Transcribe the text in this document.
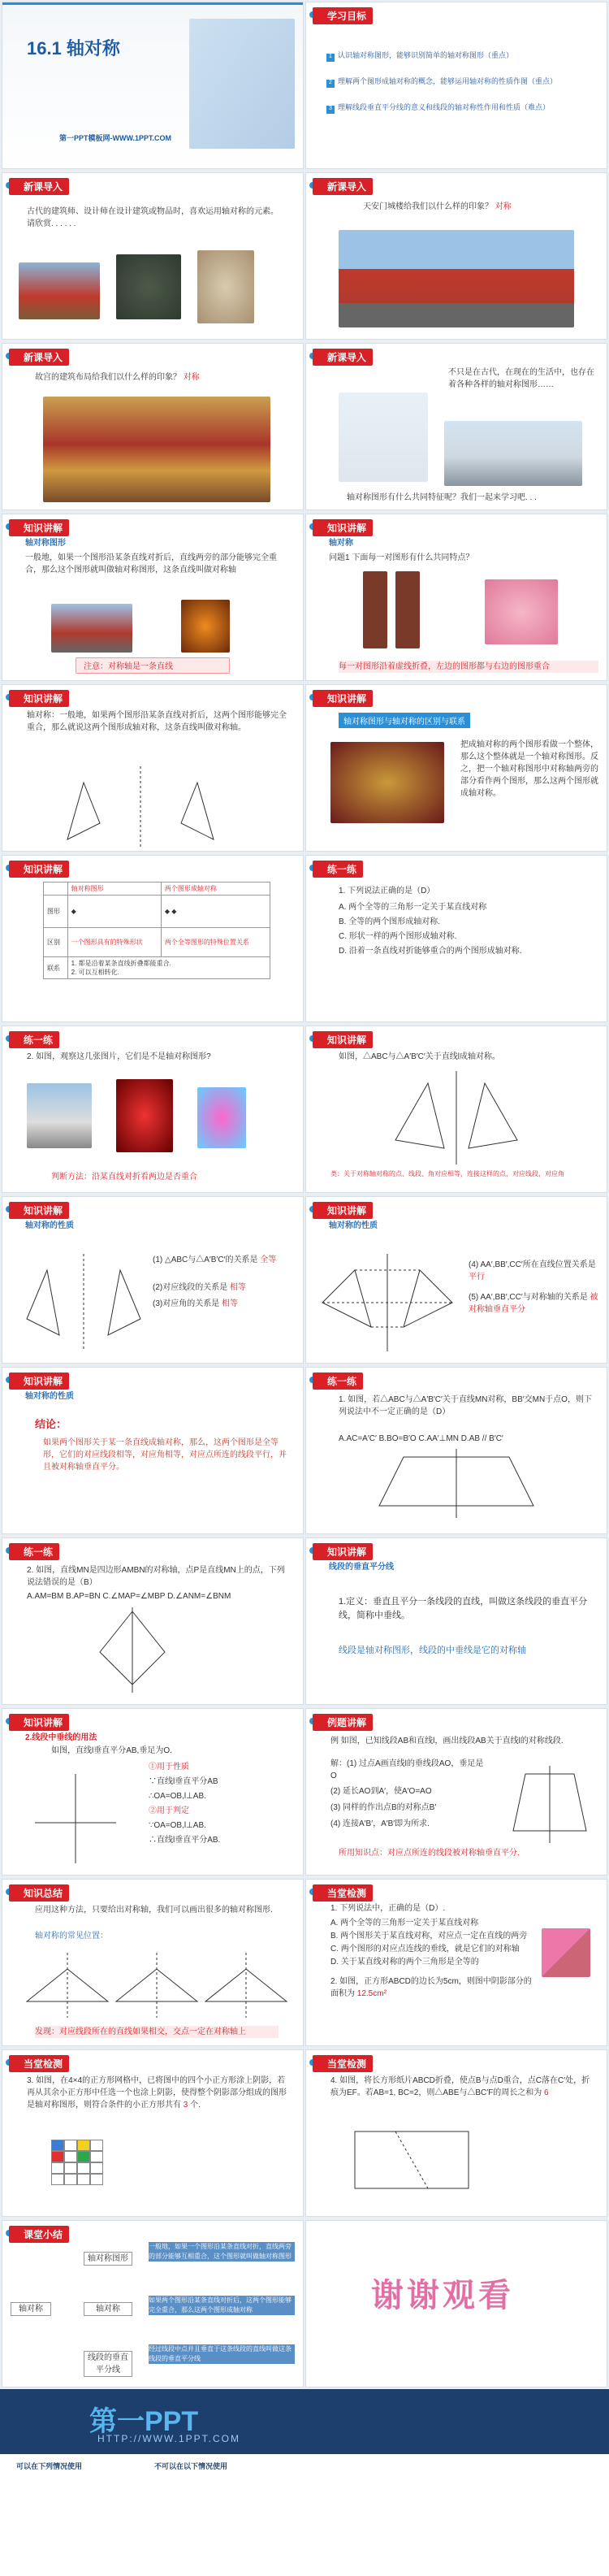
16.1 轴对称
第一PPT模板网-WWW.1PPT.COM
学习目标
1 认识轴对称图形，能够识别简单的轴对称图形（重点）
2 理解两个图形成轴对称的概念，能够运用轴对称的性质作图（重点）
3 理解线段垂直平分线的意义和线段的轴对称性作用和性质（难点）
新课导入
古代的建筑师、设计师在设计建筑或物品时，喜欢运用轴对称的元素。请欣赏. . . . . .
新课导入
天安门城楼给我们以什么样的印象？ 对称
新课导入
故宫的建筑布局给我们以什么样的印象？ 对称
新课导入
不只是在古代，在现在的生活中，也存在着各种各样的轴对称图形……
轴对称图形有什么共同特征呢？我们一起来学习吧. . .
知识讲解
轴对称图形
一般地，如果一个图形沿某条直线对折后，直线两旁的部分能够完全重合，那么这个图形就叫做轴对称图形，这条直线叫做对称轴
注意：对称轴是一条直线
知识讲解
轴对称
问题1 下面每一对图形有什么共同特点？
每一对图形沿着虚线折叠，左边的图形都与右边的图形重合
知识讲解
轴对称：一般地，如果两个图形沿某条直线对折后，这两个图形能够完全重合，那么就说这两个图形成轴对称，这条直线叫做对称轴。
知识讲解
轴对称图形与轴对称的区别与联系
把成轴对称的两个图形看做一个整体，那么这个整体就是一个轴对称图形。反之，把一个轴对称图形中对称轴两旁的部分看作两个图形，那么这两个图形就成轴对称。
知识讲解
	轴对称图形	两个图形成轴对称
图形	◆	◆ ◆
区别	一个图形具有的特殊形状	两个全等图形的特殊位置关系
联系	1. 都是沿着某条直线折叠都能重合.
2. 可以互相转化.	
练一练
1. 下列说法正确的是（D）
A. 两个全等的三角形一定关于某直线对称
B. 全等的两个图形成轴对称.
C. 形状一样的两个图形成轴对称.
D. 沿着一条直线对折能够重合的两个图形成轴对称.
练一练
2. 如图，观察这几张图片，它们是不是轴对称图形?
判断方法：沿某直线对折看两边是否重合
知识讲解
如图，△ABC与△A′B′C′关于直线l成轴对称。
类：关于对称轴对称的点、线段、角对应相等，连接这样的点，对应线段，对应角
知识讲解
轴对称的性质
(1) △ABC与△A′B′C′的关系是 全等
(2)对应线段的关系是 相等
(3)对应角的关系是 相等
知识讲解
轴对称的性质
(4) AA′,BB′,CC′所在直线位置关系是 平行
(5) AA′,BB′,CC′与对称轴的关系是 被对称轴垂直平分
知识讲解
轴对称的性质
结论：
如果两个图形关于某一条直线成轴对称，那么，这两个图形是全等形，它们的对应线段相等，对应角相等，对应点所连的线段平行，并且被对称轴垂直平分。
练一练
1. 如图，若△ABC与△A′B′C′关于直线MN对称，BB′交MN于点O，则下列说法中不一定正确的是（D）
A.AC=A′C′ B.BO=B′O C.AA′⊥MN D.AB // B′C′
练一练
2. 如图，直线MN是四边形AMBN的对称轴，点P是直线MN上的点，下列说法错误的是（B）
A.AM=BM B.AP=BN C.∠MAP=∠MBP D.∠ANM=∠BNM
知识讲解
线段的垂直平分线
1.定义：垂直且平分一条线段的直线，叫做这条线段的垂直平分线，简称中垂线。
线段是轴对称图形，线段的中垂线是它的对称轴
知识讲解
2.线段中垂线的用法
如图，直线l垂直平分AB,垂足为O.
①用于性质
∵直线l垂直平分AB
∴OA=OB,l⊥AB.
②用于判定
∵OA=OB,l⊥AB.
∴直线l垂直平分AB.
例题讲解
例 如图，已知线段AB和直线l，画出线段AB关于直线l的对称线段.
解：(1) 过点A画直线l的垂线段AO，垂足是O
(2) 延长AO到A′，使A′O=AO
(3) 同样的作出点B的对称点B′
(4) 连接A′B′，A′B′即为所求.
所用知识点：对应点所连的线段被对称轴垂直平分.
知识总结
应用这种方法，只要给出对称轴，我们可以画出很多的轴对称图形.
轴对称的常见位置：
发现：对应线段所在的直线如果相交，交点一定在对称轴上
当堂检测
1. 下列说法中，正确的是（D）.
A. 两个全等的三角形一定关于某直线对称
B. 两个图形关于某直线对称，对应点一定在直线的两旁
C. 两个图形的对应点连线的垂线，就是它们的对称轴
D. 关于某直线对称的两个三角形是全等的
2. 如图，正方形ABCD的边长为5cm，则图中阴影部分的面积为 12.5cm²
当堂检测
3. 如图，在4×4的正方形网格中，已将图中的四个小正方形涂上阴影，若再从其余小正方形中任选一个也涂上阴影，使得整个阴影部分组成的图形是轴对称图形，则符合条件的小正方形共有 3 个.
当堂检测
4. 如图，将长方形纸片ABCD折叠，使点B与点D重合，点C落在C′处，折痕为EF。若AB=1, BC=2，则△ABE与△BC′F的周长之和为 6
课堂小结
轴对称
轴对称图形
轴对称
线段的垂直平分线
一般地，如果一个图形沿某条直线对折，直线两旁的部分能够互相重合，这个图形就叫做轴对称图形
如果两个图形沿某条直线对折后，这两个图形能够完全重合，那么这两个图形成轴对称
经过线段中点并且垂直于这条线段的直线叫做这条线段的垂直平分线
谢谢观看
第一PPT
HTTP://WWW.1PPT.COM
可以在下列情况使用	不可以在以下情况使用
